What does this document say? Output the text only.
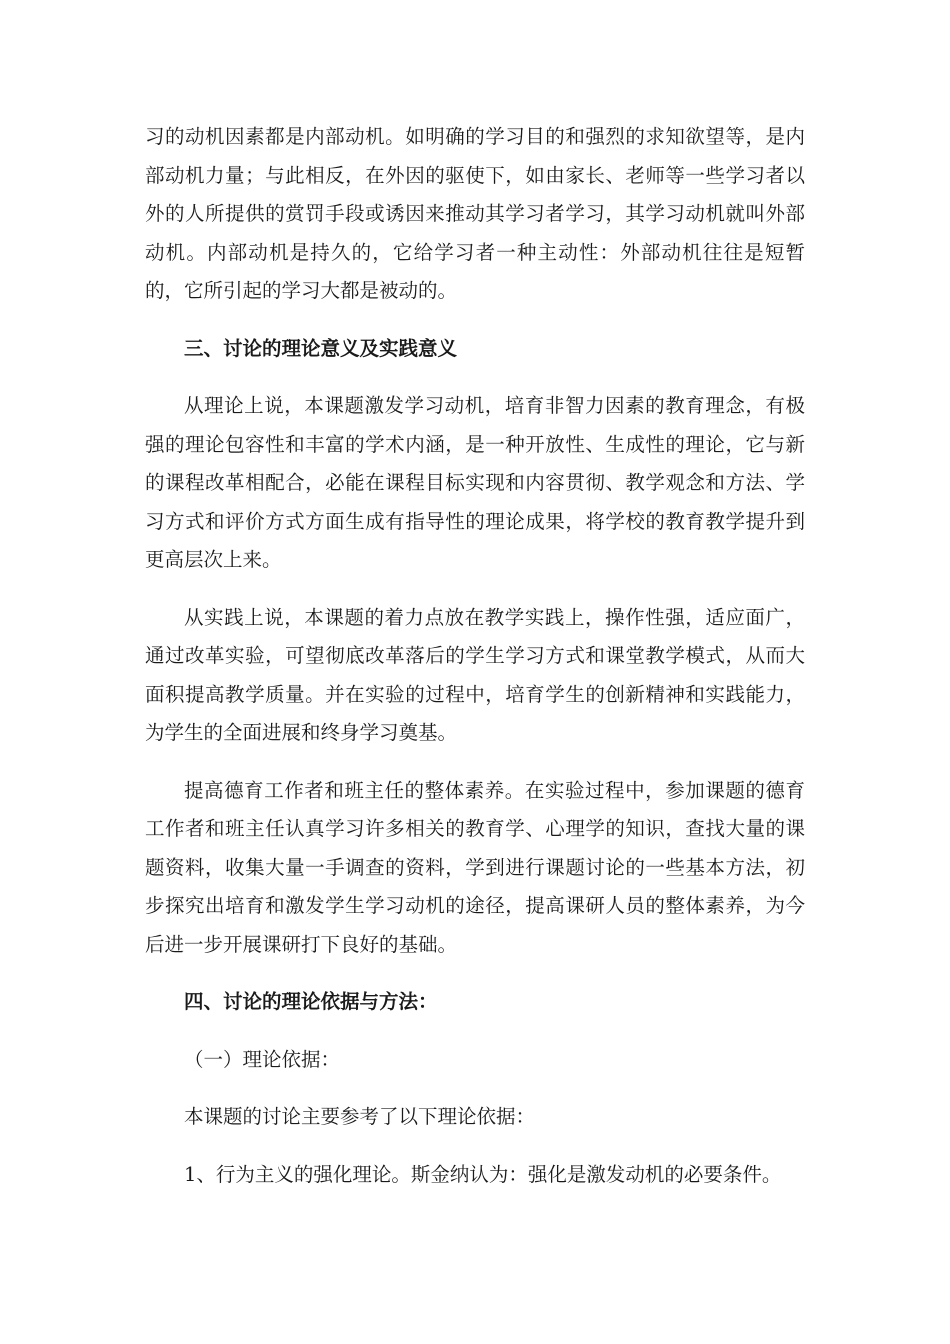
习的动机因素都是内部动机。如明确的学习目的和强烈的求知欲望等，是内部动机力量；与此相反，在外因的驱使下，如由家长、老师等一些学习者以外的人所提供的赏罚手段或诱因来推动其学习者学习，其学习动机就叫外部动机。内部动机是持久的，它给学习者一种主动性：外部动机往往是短暂的，它所引起的学习大都是被动的。

三、讨论的理论意义及实践意义

从理论上说，本课题激发学习动机，培育非智力因素的教育理念，有极强的理论包容性和丰富的学术内涵，是一种开放性、生成性的理论，它与新的课程改革相配合，必能在课程目标实现和内容贯彻、教学观念和方法、学习方式和评价方式方面生成有指导性的理论成果，将学校的教育教学提升到更高层次上来。

从实践上说，本课题的着力点放在教学实践上，操作性强，适应面广，通过改革实验，可望彻底改革落后的学生学习方式和课堂教学模式，从而大面积提高教学质量。并在实验的过程中，培育学生的创新精神和实践能力，为学生的全面进展和终身学习奠基。

提高德育工作者和班主任的整体素养。在实验过程中，参加课题的德育工作者和班主任认真学习许多相关的教育学、心理学的知识，查找大量的课题资料，收集大量一手调查的资料，学到进行课题讨论的一些基本方法，初步探究出培育和激发学生学习动机的途径，提高课研人员的整体素养，为今后进一步开展课研打下良好的基础。

四、讨论的理论依据与方法：

（一）理论依据：

本课题的讨论主要参考了以下理论依据：

1、行为主义的强化理论。斯金纳认为：强化是激发动机的必要条件。
